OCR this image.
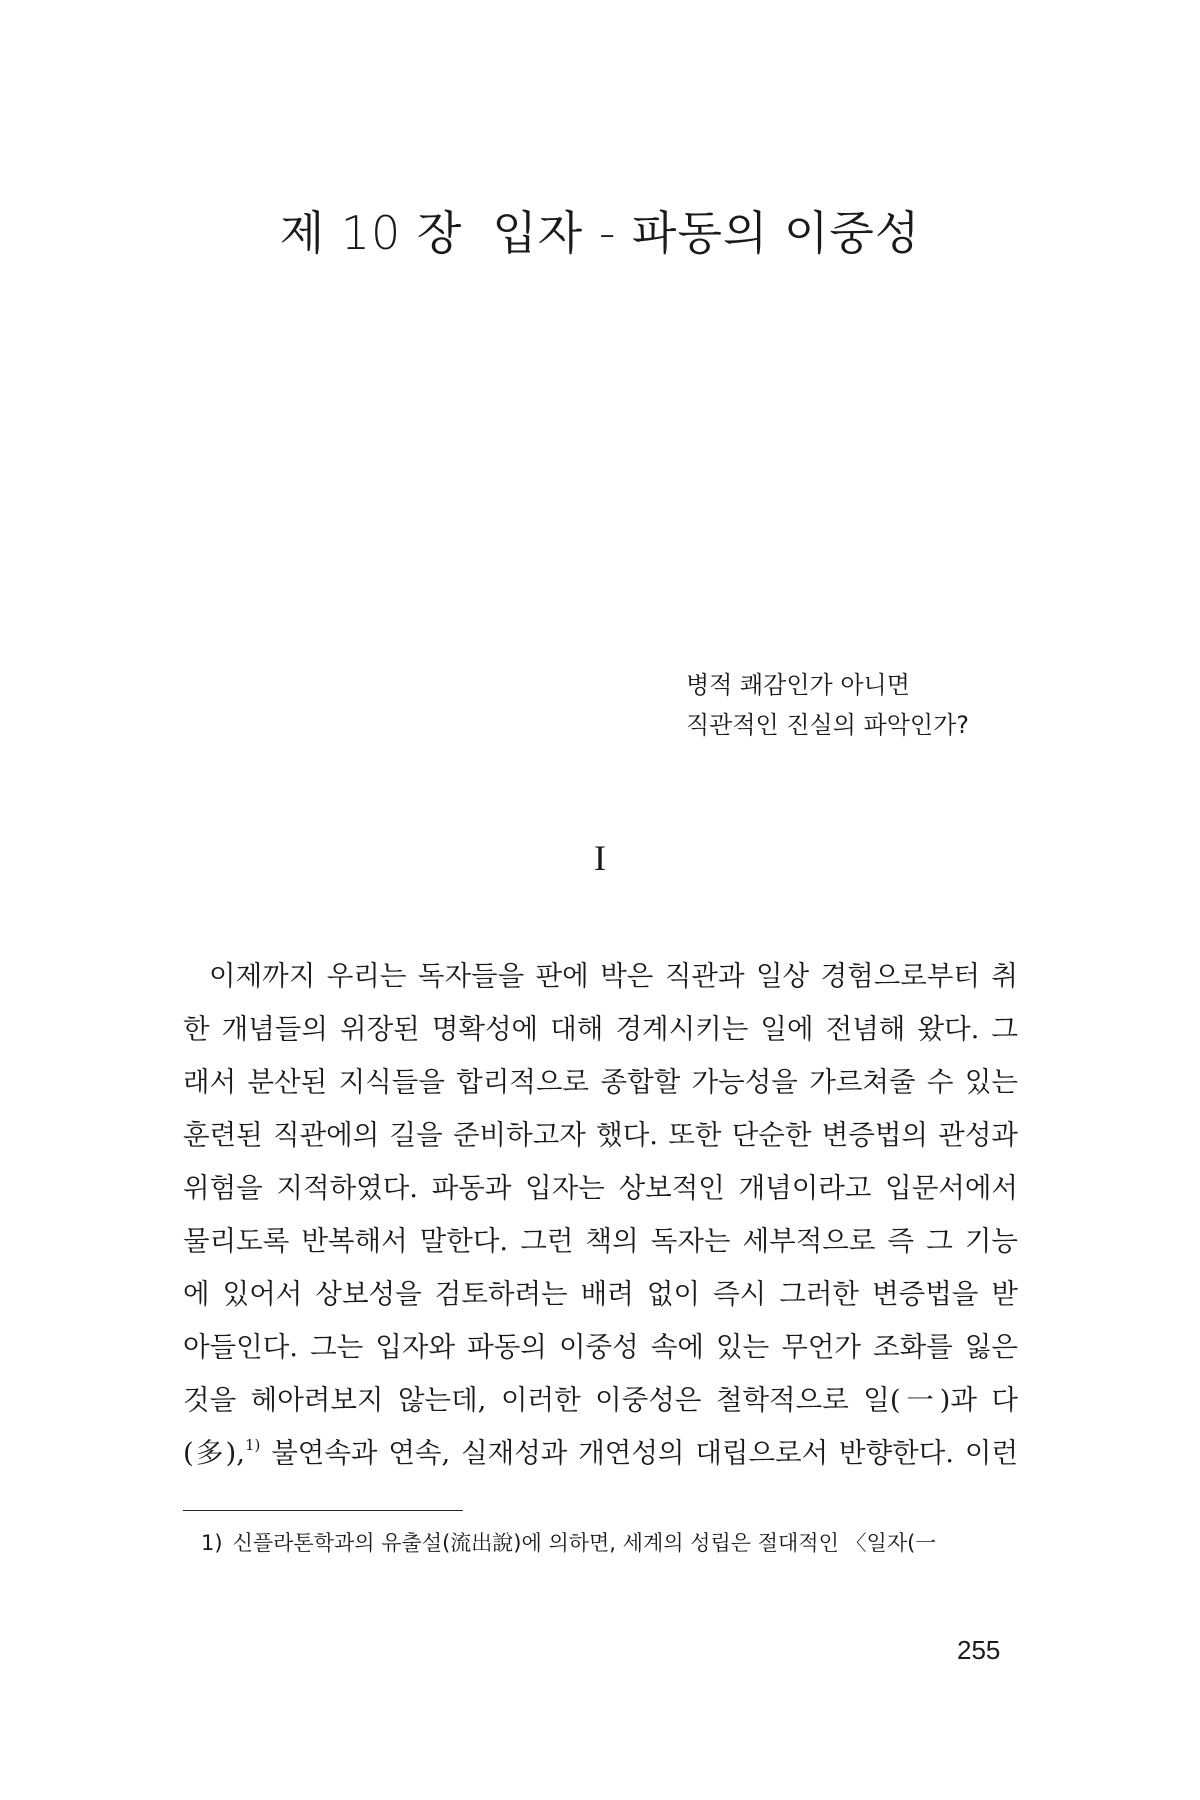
제 10 장 입자 - 파동의 이중성
병적 쾌감인가 아니면
직관적인 진실의 파악인가?
I
이제까지 우리는 독자들을 판에 박은 직관과 일상 경험으로부터 취
한 개념들의 위장된 명확성에 대해 경계시키는 일에 전념해 왔다. 그
래서 분산된 지식들을 합리적으로 종합할 가능성을 가르쳐줄 수 있는
훈련된 직관에의 길을 준비하고자 했다. 또한 단순한 변증법의 관성과
위험을 지적하였다. 파동과 입자는 상보적인 개념이라고 입문서에서
물리도록 반복해서 말한다. 그런 책의 독자는 세부적으로 즉 그 기능
에 있어서 상보성을 검토하려는 배려 없이 즉시 그러한 변증법을 받
아들인다. 그는 입자와 파동의 이중성 속에 있는 무언가 조화를 잃은
것을 헤아려보지 않는데, 이러한 이중성은 철학적으로 일(一)과 다
(多),$^{1)}$ 불연속과 연속, 실재성과 개연성의 대립으로서 반향한다. 이런
1) 신플라톤학과의 유출설(流出說)에 의하면, 세계의 성립은 절대적인 〈일자(一
255
